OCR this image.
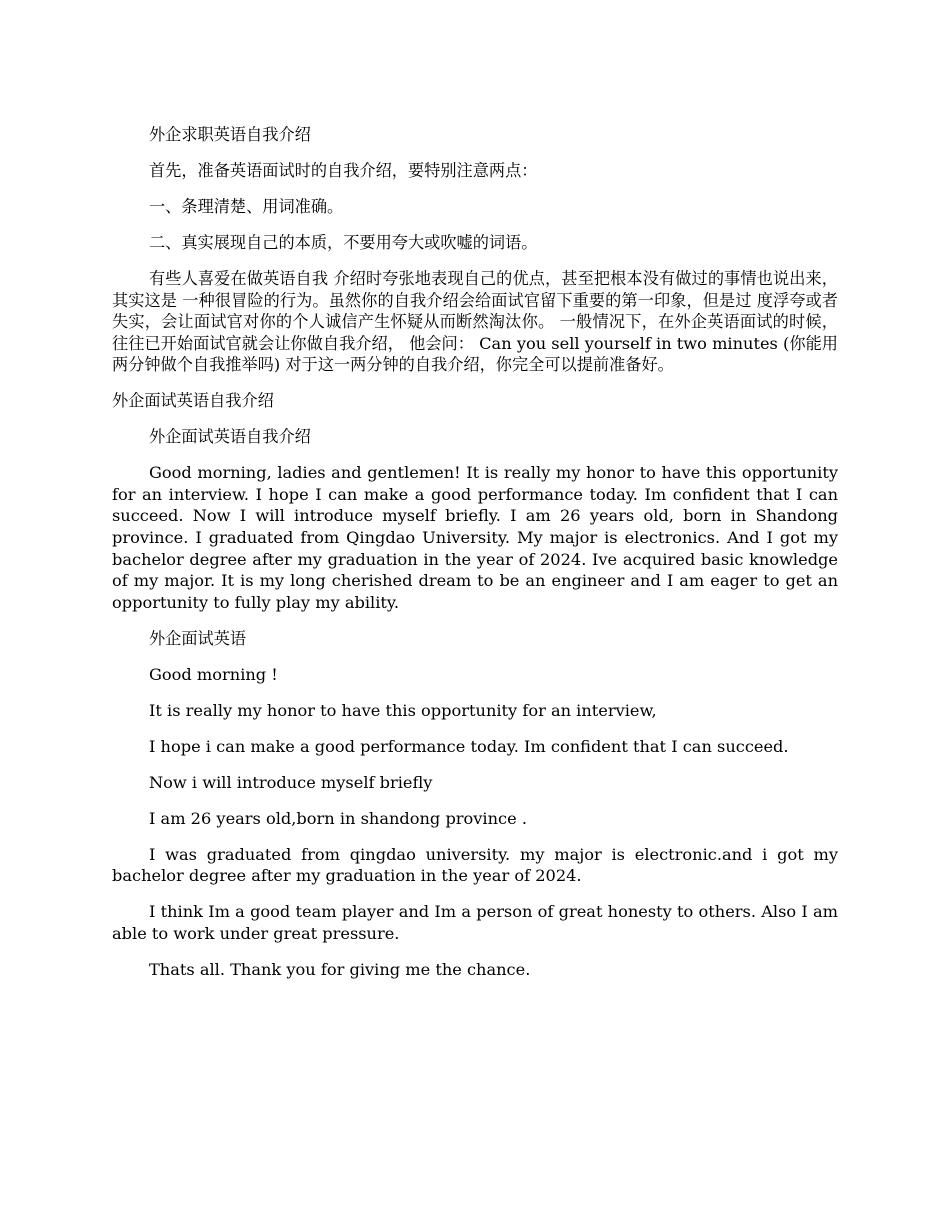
外企求职英语自我介绍

首先，准备英语面试时的自我介绍，要特别注意两点：

一、条理清楚、用词准确。

二、真实展现自己的本质，不要用夸大或吹嘘的词语。

有些人喜爱在做英语自我 介绍时夸张地表现自己的优点，甚至把根本没有做过的事情也说出来，其实这是 一种很冒险的行为。虽然你的自我介绍会给面试官留下重要的第一印象，但是过 度浮夸或者失实，会让面试官对你的个人诚信产生怀疑从而断然淘汰你。 一般情况下，在外企英语面试的时候，往往已开始面试官就会让你做自我介绍， 他会问： Can you sell yourself in two minutes (你能用两分钟做个自我推举吗) 对于这一两分钟的自我介绍，你完全可以提前准备好。

外企面试英语自我介绍

外企面试英语自我介绍

Good morning, ladies and gentlemen! It is really my honor to have this opportunity for an interview. I hope I can make a good performance today. Im confident that I can succeed. Now I will introduce myself briefly. I am 26 years old, born in Shandong province. I graduated from Qingdao University. My major is electronics. And I got my bachelor degree after my graduation in the year of 2024. Ive acquired basic knowledge of my major. It is my long cherished dream to be an engineer and I am eager to get an opportunity to fully play my ability.

外企面试英语

Good morning !

It is really my honor to have this opportunity for an interview,

I hope i can make a good performance today. Im confident that I can succeed.

Now i will introduce myself briefly

I am 26 years old,born in shandong province .

I was graduated from qingdao university. my major is electronic.and i got my bachelor degree after my graduation in the year of 2024.

I think Im a good team player and Im a person of great honesty to others. Also I am able to work under great pressure.

Thats all. Thank you for giving me the chance.
